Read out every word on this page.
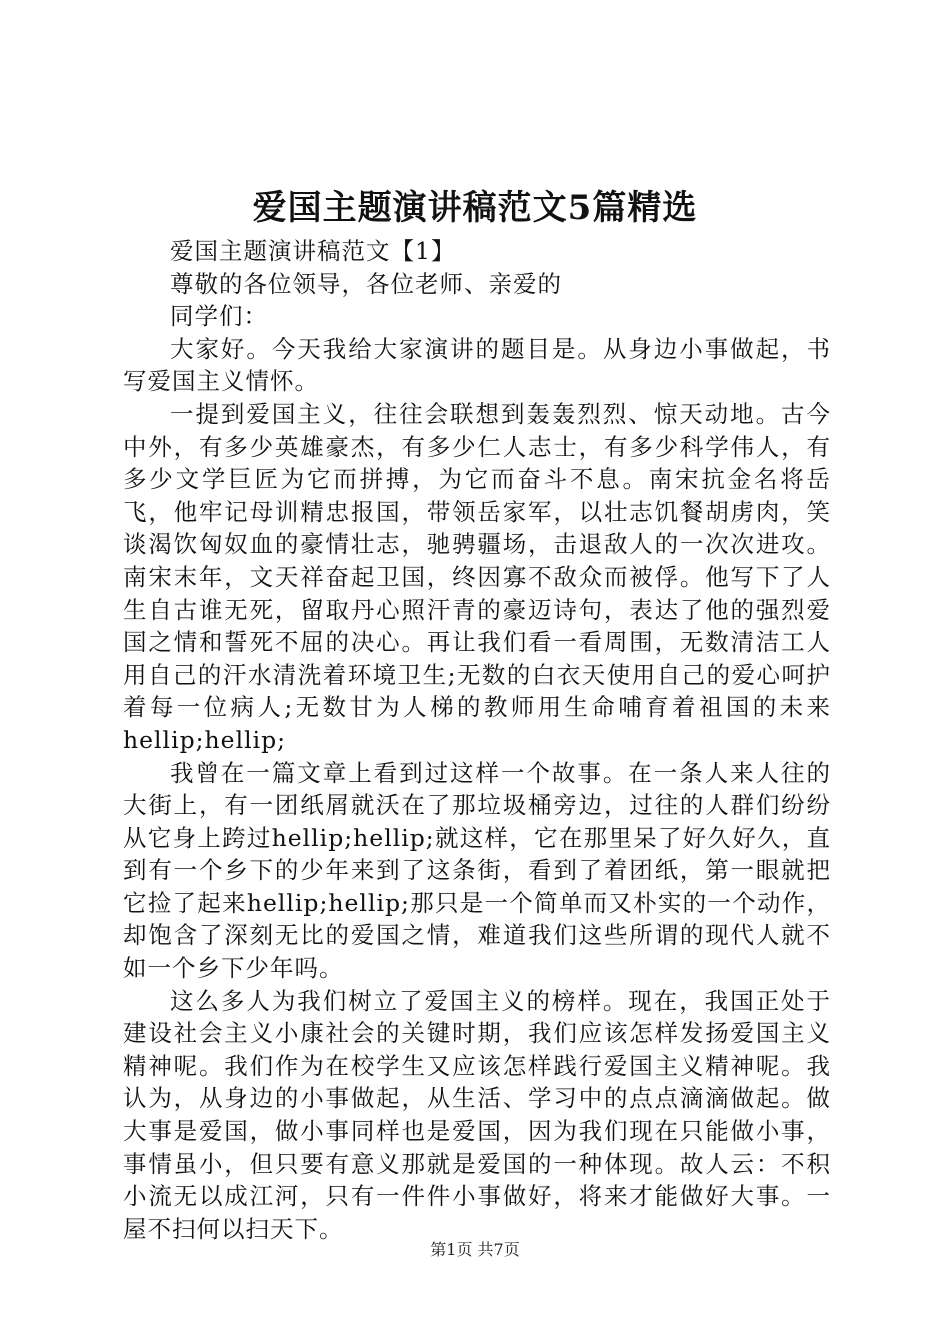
爱国主题演讲稿范文5篇精选

爱国主题演讲稿范文【1】

尊敬的各位领导，各位老师、亲爱的

同学们：

大家好。今天我给大家演讲的题目是。从身边小事做起，书写爱国主义情怀。

一提到爱国主义，往往会联想到轰轰烈烈、惊天动地。古今中外，有多少英雄豪杰，有多少仁人志士，有多少科学伟人，有多少文学巨匠为它而拼搏，为它而奋斗不息。南宋抗金名将岳飞，他牢记母训精忠报国，带领岳家军，以壮志饥餐胡虏肉，笑谈渴饮匈奴血的豪情壮志，驰骋疆场，击退敌人的一次次进攻。南宋末年，文天祥奋起卫国，终因寡不敌众而被俘。他写下了人生自古谁无死，留取丹心照汗青的豪迈诗句，表达了他的强烈爱国之情和誓死不屈的决心。再让我们看一看周围，无数清洁工人用自己的汗水清洗着环境卫生;无数的白衣天使用自己的爱心呵护着每一位病人;无数甘为人梯的教师用生命哺育着祖国的未来hellip;hellip;

我曾在一篇文章上看到过这样一个故事。在一条人来人往的大街上，有一团纸屑就沃在了那垃圾桶旁边，过往的人群们纷纷从它身上跨过hellip;hellip;就这样，它在那里呆了好久好久，直到有一个乡下的少年来到了这条街，看到了着团纸，第一眼就把它捡了起来hellip;hellip;那只是一个简单而又朴实的一个动作，却饱含了深刻无比的爱国之情，难道我们这些所谓的现代人就不如一个乡下少年吗。

这么多人为我们树立了爱国主义的榜样。现在，我国正处于建设社会主义小康社会的关键时期，我们应该怎样发扬爱国主义精神呢。我们作为在校学生又应该怎样践行爱国主义精神呢。我认为，从身边的小事做起，从生活、学习中的点点滴滴做起。做大事是爱国，做小事同样也是爱国，因为我们现在只能做小事，事情虽小，但只要有意义那就是爱国的一种体现。故人云：不积小流无以成江河，只有一件件小事做好，将来才能做好大事。一屋不扫何以扫天下。

第1页 共7页
